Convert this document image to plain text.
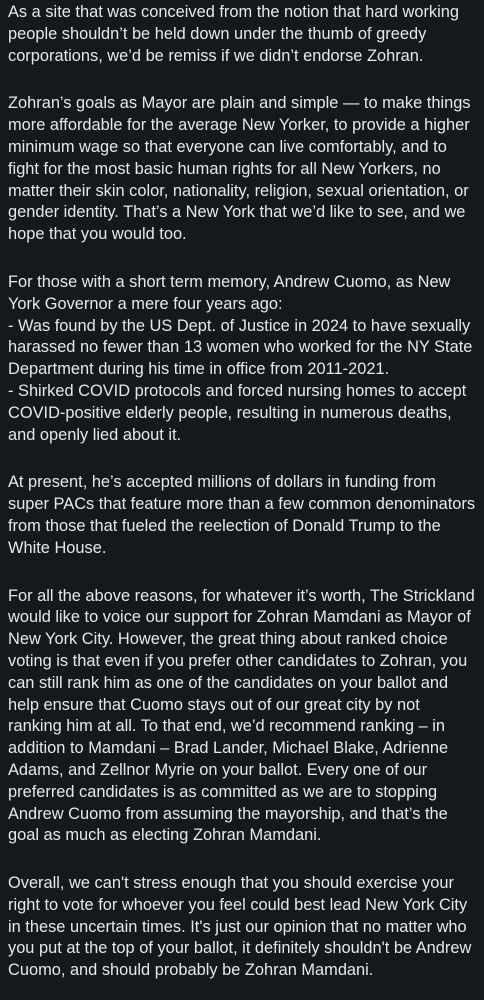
As a site that was conceived from the notion that hard working people shouldn’t be held down under the thumb of greedy corporations, we’d be remiss if we didn’t endorse Zohran.

Zohran’s goals as Mayor are plain and simple — to make things more affordable for the average New Yorker, to provide a higher minimum wage so that everyone can live comfortably, and to fight for the most basic human rights for all New Yorkers, no matter their skin color, nationality, religion, sexual orientation, or gender identity. That’s a New York that we’d like to see, and we hope that you would too.

For those with a short term memory, Andrew Cuomo, as New York Governor a mere four years ago:
- Was found by the US Dept. of Justice in 2024 to have sexually harassed no fewer than 13 women who worked for the NY State Department during his time in office from 2011-2021.
- Shirked COVID protocols and forced nursing homes to accept COVID-positive elderly people, resulting in numerous deaths, and openly lied about it.

At present, he’s accepted millions of dollars in funding from super PACs that feature more than a few common denominators from those that fueled the reelection of Donald Trump to the White House.

For all the above reasons, for whatever it’s worth, The Strickland would like to voice our support for Zohran Mamdani as Mayor of New York City. However, the great thing about ranked choice voting is that even if you prefer other candidates to Zohran, you can still rank him as one of the candidates on your ballot and help ensure that Cuomo stays out of our great city by not ranking him at all. To that end, we’d recommend ranking – in addition to Mamdani – Brad Lander, Michael Blake, Adrienne Adams, and Zellnor Myrie on your ballot. Every one of our preferred candidates is as committed as we are to stopping Andrew Cuomo from assuming the mayorship, and that’s the goal as much as electing Zohran Mamdani.

Overall, we can't stress enough that you should exercise your right to vote for whoever you feel could best lead New York City in these uncertain times. It's just our opinion that no matter who you put at the top of your ballot, it definitely shouldn't be Andrew Cuomo, and should probably be Zohran Mamdani.
